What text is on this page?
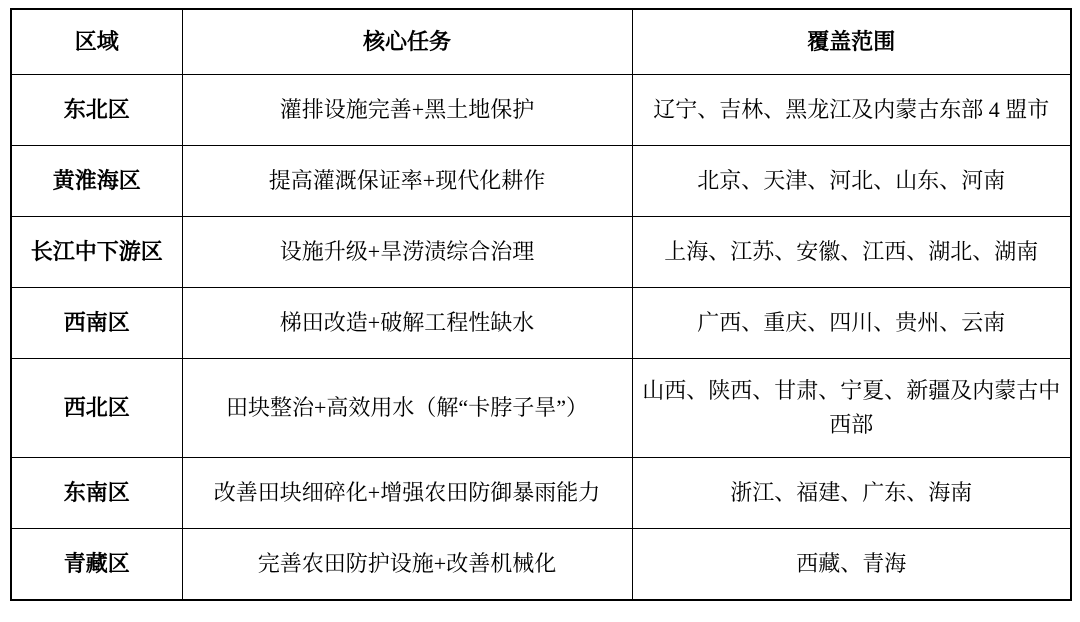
区域	核心任务	覆盖范围
东北区	灌排设施完善+黑土地保护	辽宁、吉林、黑龙江及内蒙古东部 4 盟市
黄淮海区	提高灌溉保证率+现代化耕作	北京、天津、河北、山东、河南
长江中下游区	设施升级+旱涝渍综合治理	上海、江苏、安徽、江西、湖北、湖南
西南区	梯田改造+破解工程性缺水	广西、重庆、四川、贵州、云南
西北区	田块整治+高效用水（解“卡脖子旱”）	山西、陕西、甘肃、宁夏、新疆及内蒙古中西部
东南区	改善田块细碎化+增强农田防御暴雨能力	浙江、福建、广东、海南
青藏区	完善农田防护设施+改善机械化	西藏、青海
